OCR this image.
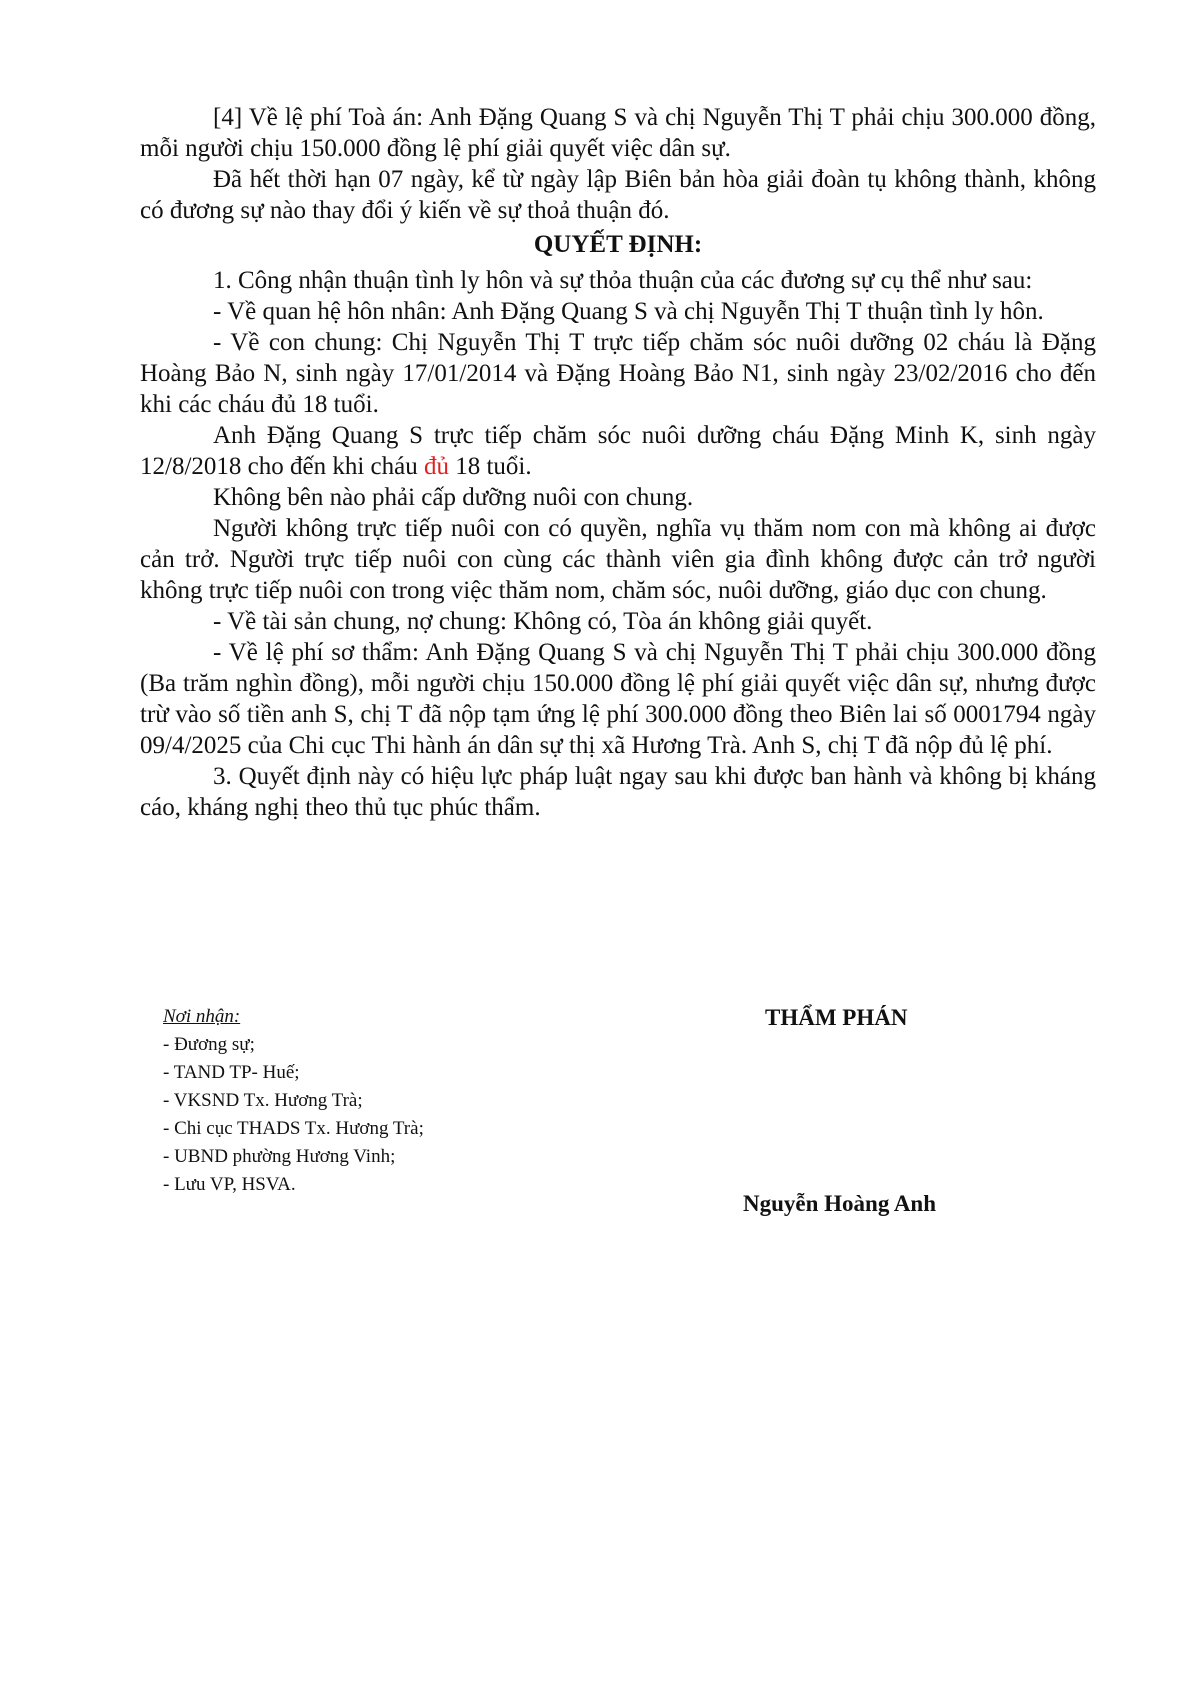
[4] Về lệ phí Toà án: Anh Đặng Quang S và chị Nguyễn Thị T phải chịu 300.000 đồng, mỗi người chịu 150.000 đồng lệ phí giải quyết việc dân sự.

Đã hết thời hạn 07 ngày, kể từ ngày lập Biên bản hòa giải đoàn tụ không thành, không có đương sự nào thay đổi ý kiến về sự thoả thuận đó.

QUYẾT ĐỊNH:

1. Công nhận thuận tình ly hôn và sự thỏa thuận của các đương sự cụ thể như sau:

- Về quan hệ hôn nhân: Anh Đặng Quang S và chị Nguyễn Thị T thuận tình ly hôn.

- Về con chung: Chị Nguyễn Thị T trực tiếp chăm sóc nuôi dưỡng 02 cháu là Đặng Hoàng Bảo N, sinh ngày 17/01/2014 và Đặng Hoàng Bảo N1, sinh ngày 23/02/2016 cho đến khi các cháu đủ 18 tuổi.

Anh Đặng Quang S trực tiếp chăm sóc nuôi dưỡng cháu Đặng Minh K, sinh ngày 12/8/2018 cho đến khi cháu đủ 18 tuổi.

Không bên nào phải cấp dưỡng nuôi con chung.

Người không trực tiếp nuôi con có quyền, nghĩa vụ thăm nom con mà không ai được cản trở. Người trực tiếp nuôi con cùng các thành viên gia đình không được cản trở người không trực tiếp nuôi con trong việc thăm nom, chăm sóc, nuôi dưỡng, giáo dục con chung.

- Về tài sản chung, nợ chung: Không có, Tòa án không giải quyết.

- Về lệ phí sơ thẩm: Anh Đặng Quang S và chị Nguyễn Thị T phải chịu 300.000 đồng (Ba trăm nghìn đồng), mỗi người chịu 150.000 đồng lệ phí giải quyết việc dân sự, nhưng được trừ vào số tiền anh S, chị T đã nộp tạm ứng lệ phí 300.000 đồng theo Biên lai số 0001794 ngày 09/4/2025 của Chi cục Thi hành án dân sự thị xã Hương Trà. Anh S, chị T đã nộp đủ lệ phí.

3. Quyết định này có hiệu lực pháp luật ngay sau khi được ban hành và không bị kháng cáo, kháng nghị theo thủ tục phúc thẩm.

Nơi nhận:
- Đương sự;
- TAND TP- Huế;
- VKSND Tx. Hương Trà;
- Chi cục THADS Tx. Hương Trà;
- UBND phường Hương Vinh;
- Lưu VP, HSVA.
THẨM PHÁN
Nguyễn Hoàng Anh
